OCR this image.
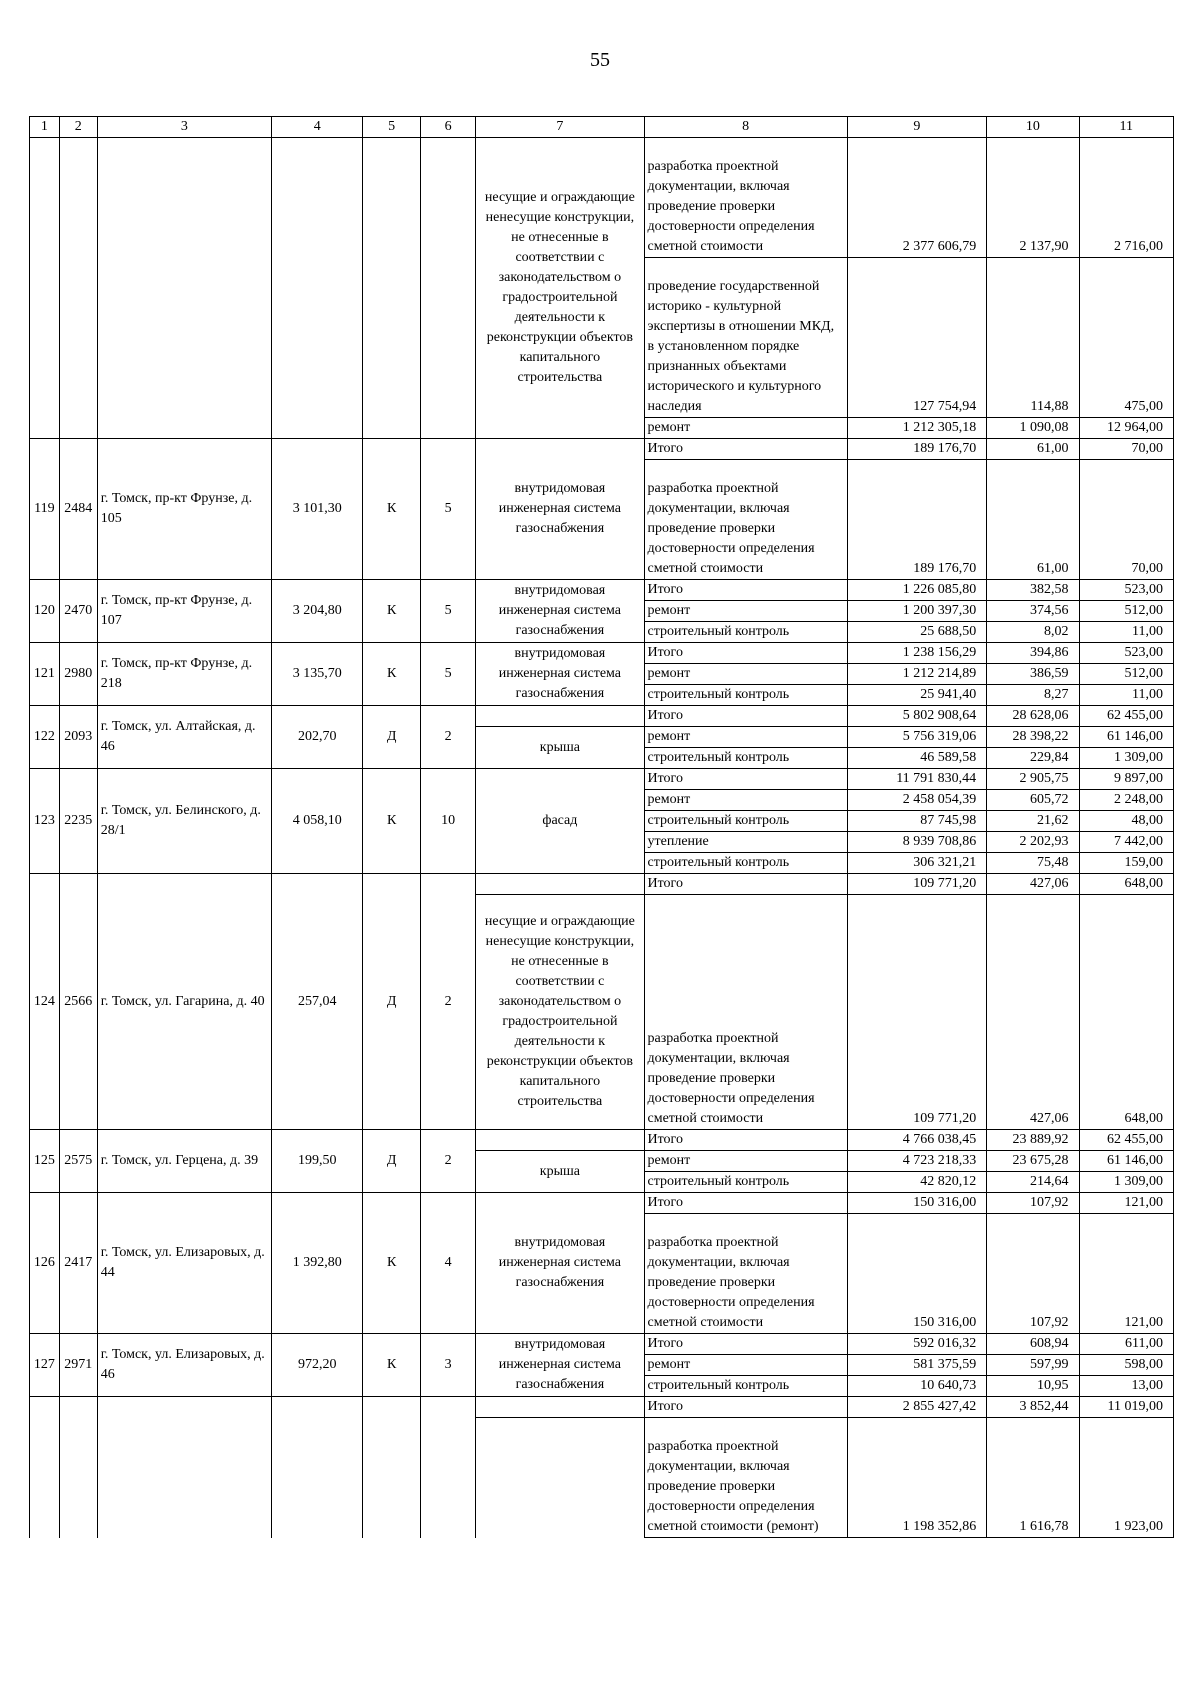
55
1	2	3	4	5	6	7	8	9	10	11
						несущие и ограждающие ненесущие конструкции, не отнесенные в соответствии с законодательством о градостроительной деятельности к реконструкции объектов капитального строительства	разработка проектной документации, включая проведение проверки достоверности определения сметной стоимости	2 377 606,79	2 137,90	2 716,00
							проведение государственной историко - культурной экспертизы в отношении МКД, в установленном порядке признанных объектами исторического и культурного наследия	127 754,94	114,88	475,00
							ремонт	1 212 305,18	1 090,08	12 964,00
119	2484	г. Томск, пр-кт Фрунзе, д. 105	3 101,30	К	5	внутридомовая инженерная система газоснабжения	Итого	189 176,70	61,00	70,00
							разработка проектной документации, включая проведение проверки достоверности определения сметной стоимости	189 176,70	61,00	70,00
120	2470	г. Томск, пр-кт Фрунзе, д. 107	3 204,80	К	5	внутридомовая инженерная система газоснабжения	Итого	1 226 085,80	382,58	523,00
							ремонт	1 200 397,30	374,56	512,00
							строительный контроль	25 688,50	8,02	11,00
121	2980	г. Томск, пр-кт Фрунзе, д. 218	3 135,70	К	5	внутридомовая инженерная система газоснабжения	Итого	1 238 156,29	394,86	523,00
							ремонт	1 212 214,89	386,59	512,00
							строительный контроль	25 941,40	8,27	11,00
122	2093	г. Томск, ул. Алтайская, д. 46	202,70	Д	2		Итого	5 802 908,64	28 628,06	62 455,00
						крыша	ремонт	5 756 319,06	28 398,22	61 146,00
							строительный контроль	46 589,58	229,84	1 309,00
123	2235	г. Томск, ул. Белинского, д. 28/1	4 058,10	К	10	фасад	Итого	11 791 830,44	2 905,75	9 897,00
							ремонт	2 458 054,39	605,72	2 248,00
							строительный контроль	87 745,98	21,62	48,00
							утепление	8 939 708,86	2 202,93	7 442,00
							строительный контроль	306 321,21	75,48	159,00
124	2566	г. Томск, ул. Гагарина, д. 40	257,04	Д	2		Итого	109 771,20	427,06	648,00
						несущие и ограждающие ненесущие конструкции, не отнесенные в соответствии с законодательством о градостроительной деятельности к реконструкции объектов капитального строительства	разработка проектной документации, включая проведение проверки достоверности определения сметной стоимости	109 771,20	427,06	648,00
125	2575	г. Томск, ул. Герцена, д. 39	199,50	Д	2		Итого	4 766 038,45	23 889,92	62 455,00
						крыша	ремонт	4 723 218,33	23 675,28	61 146,00
							строительный контроль	42 820,12	214,64	1 309,00
126	2417	г. Томск, ул. Елизаровых, д. 44	1 392,80	К	4	внутридомовая инженерная система газоснабжения	Итого	150 316,00	107,92	121,00
							разработка проектной документации, включая проведение проверки достоверности определения сметной стоимости	150 316,00	107,92	121,00
127	2971	г. Томск, ул. Елизаровых, д. 46	972,20	К	3	внутридомовая инженерная система газоснабжения	Итого	592 016,32	608,94	611,00
							ремонт	581 375,59	597,99	598,00
							строительный контроль	10 640,73	10,95	13,00
							Итого	2 855 427,42	3 852,44	11 019,00
							разработка проектной документации, включая проведение проверки достоверности определения сметной стоимости (ремонт)	1 198 352,86	1 616,78	1 923,00
